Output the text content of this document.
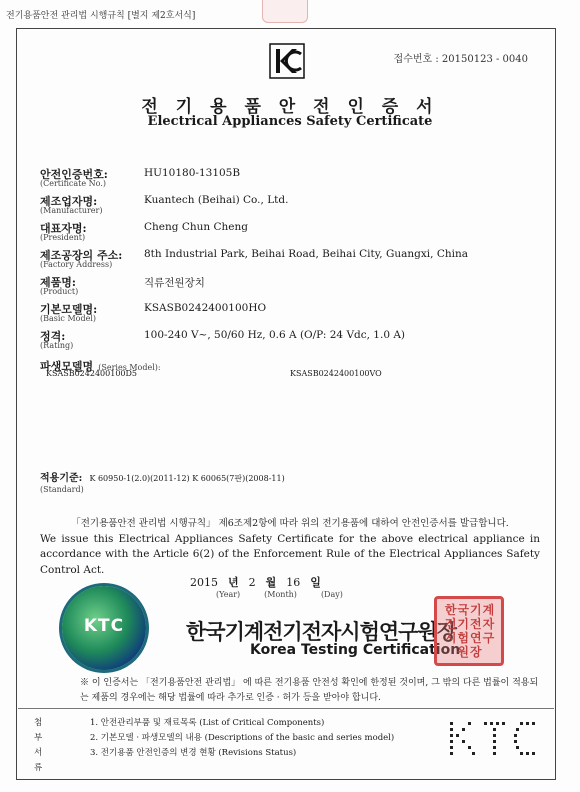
전기용품안전 관리법 시행규칙 [별지 제2호서식]
접수번호 : 20150123 - 0040
전 기 용 품 안 전 인 증 서
Electrical Appliances Safety Certificate
안전인증번호:
(Certificate No.)
HU10180-13105B
제조업자명:
(Manufacturer)
Kuantech (Beihai) Co., Ltd.
대표자명:
(President)
Cheng Chun Cheng
제조공장의 주소:
(Factory Address)
8th Industrial Park, Beihai Road, Beihai City, Guangxi, China
제품명:
(Product)
직류전원장치
기본모델명:
(Basic Model)
KSASB0242400100HO
정격:
(Rating)
100-240 V~, 50/60 Hz, 0.6 A (O/P: 24 Vdc, 1.0 A)
파생모델명 (Series Model):
KSASB0242400100D5	KSASB0242400100VO
적용기준: K 60950-1(2.0)(2011-12) K 60065(7판)(2008-11)
(Standard)
「전기용품안전 관리법 시행규칙」 제6조제2항에 따라 위의 전기용품에 대하여 안전인증서를 발급합니다.
We issue this Electrical Appliances Safety Certificate for the above electrical appliance in accordance with the Article 6(2) of the Enforcement Rule of the Electrical Appliances Safety Control Act.
2015 년 2 월 16 일
(Year)	(Month)	(Day)
KTC	한국기계전기전자시험연구원장
Korea Testing Certification
한국기계전기전자시험연구원장
※ 이 인증서는 「전기용품안전 관리법」 에 따른 전기용품 안전성 확인에 한정된 것이며, 그 밖의 다른 법률이 적용되는 제품의 경우에는 해당 법률에 따라 추가로 인증 · 허가 등을 받아야 합니다.
첨부서류
1. 안전관리부품 및 재료목록 (List of Critical Components)
2. 기본모델 · 파생모델의 내용 (Descriptions of the basic and series model)
3. 전기용품 안전인증의 변경 현황 (Revisions Status)
